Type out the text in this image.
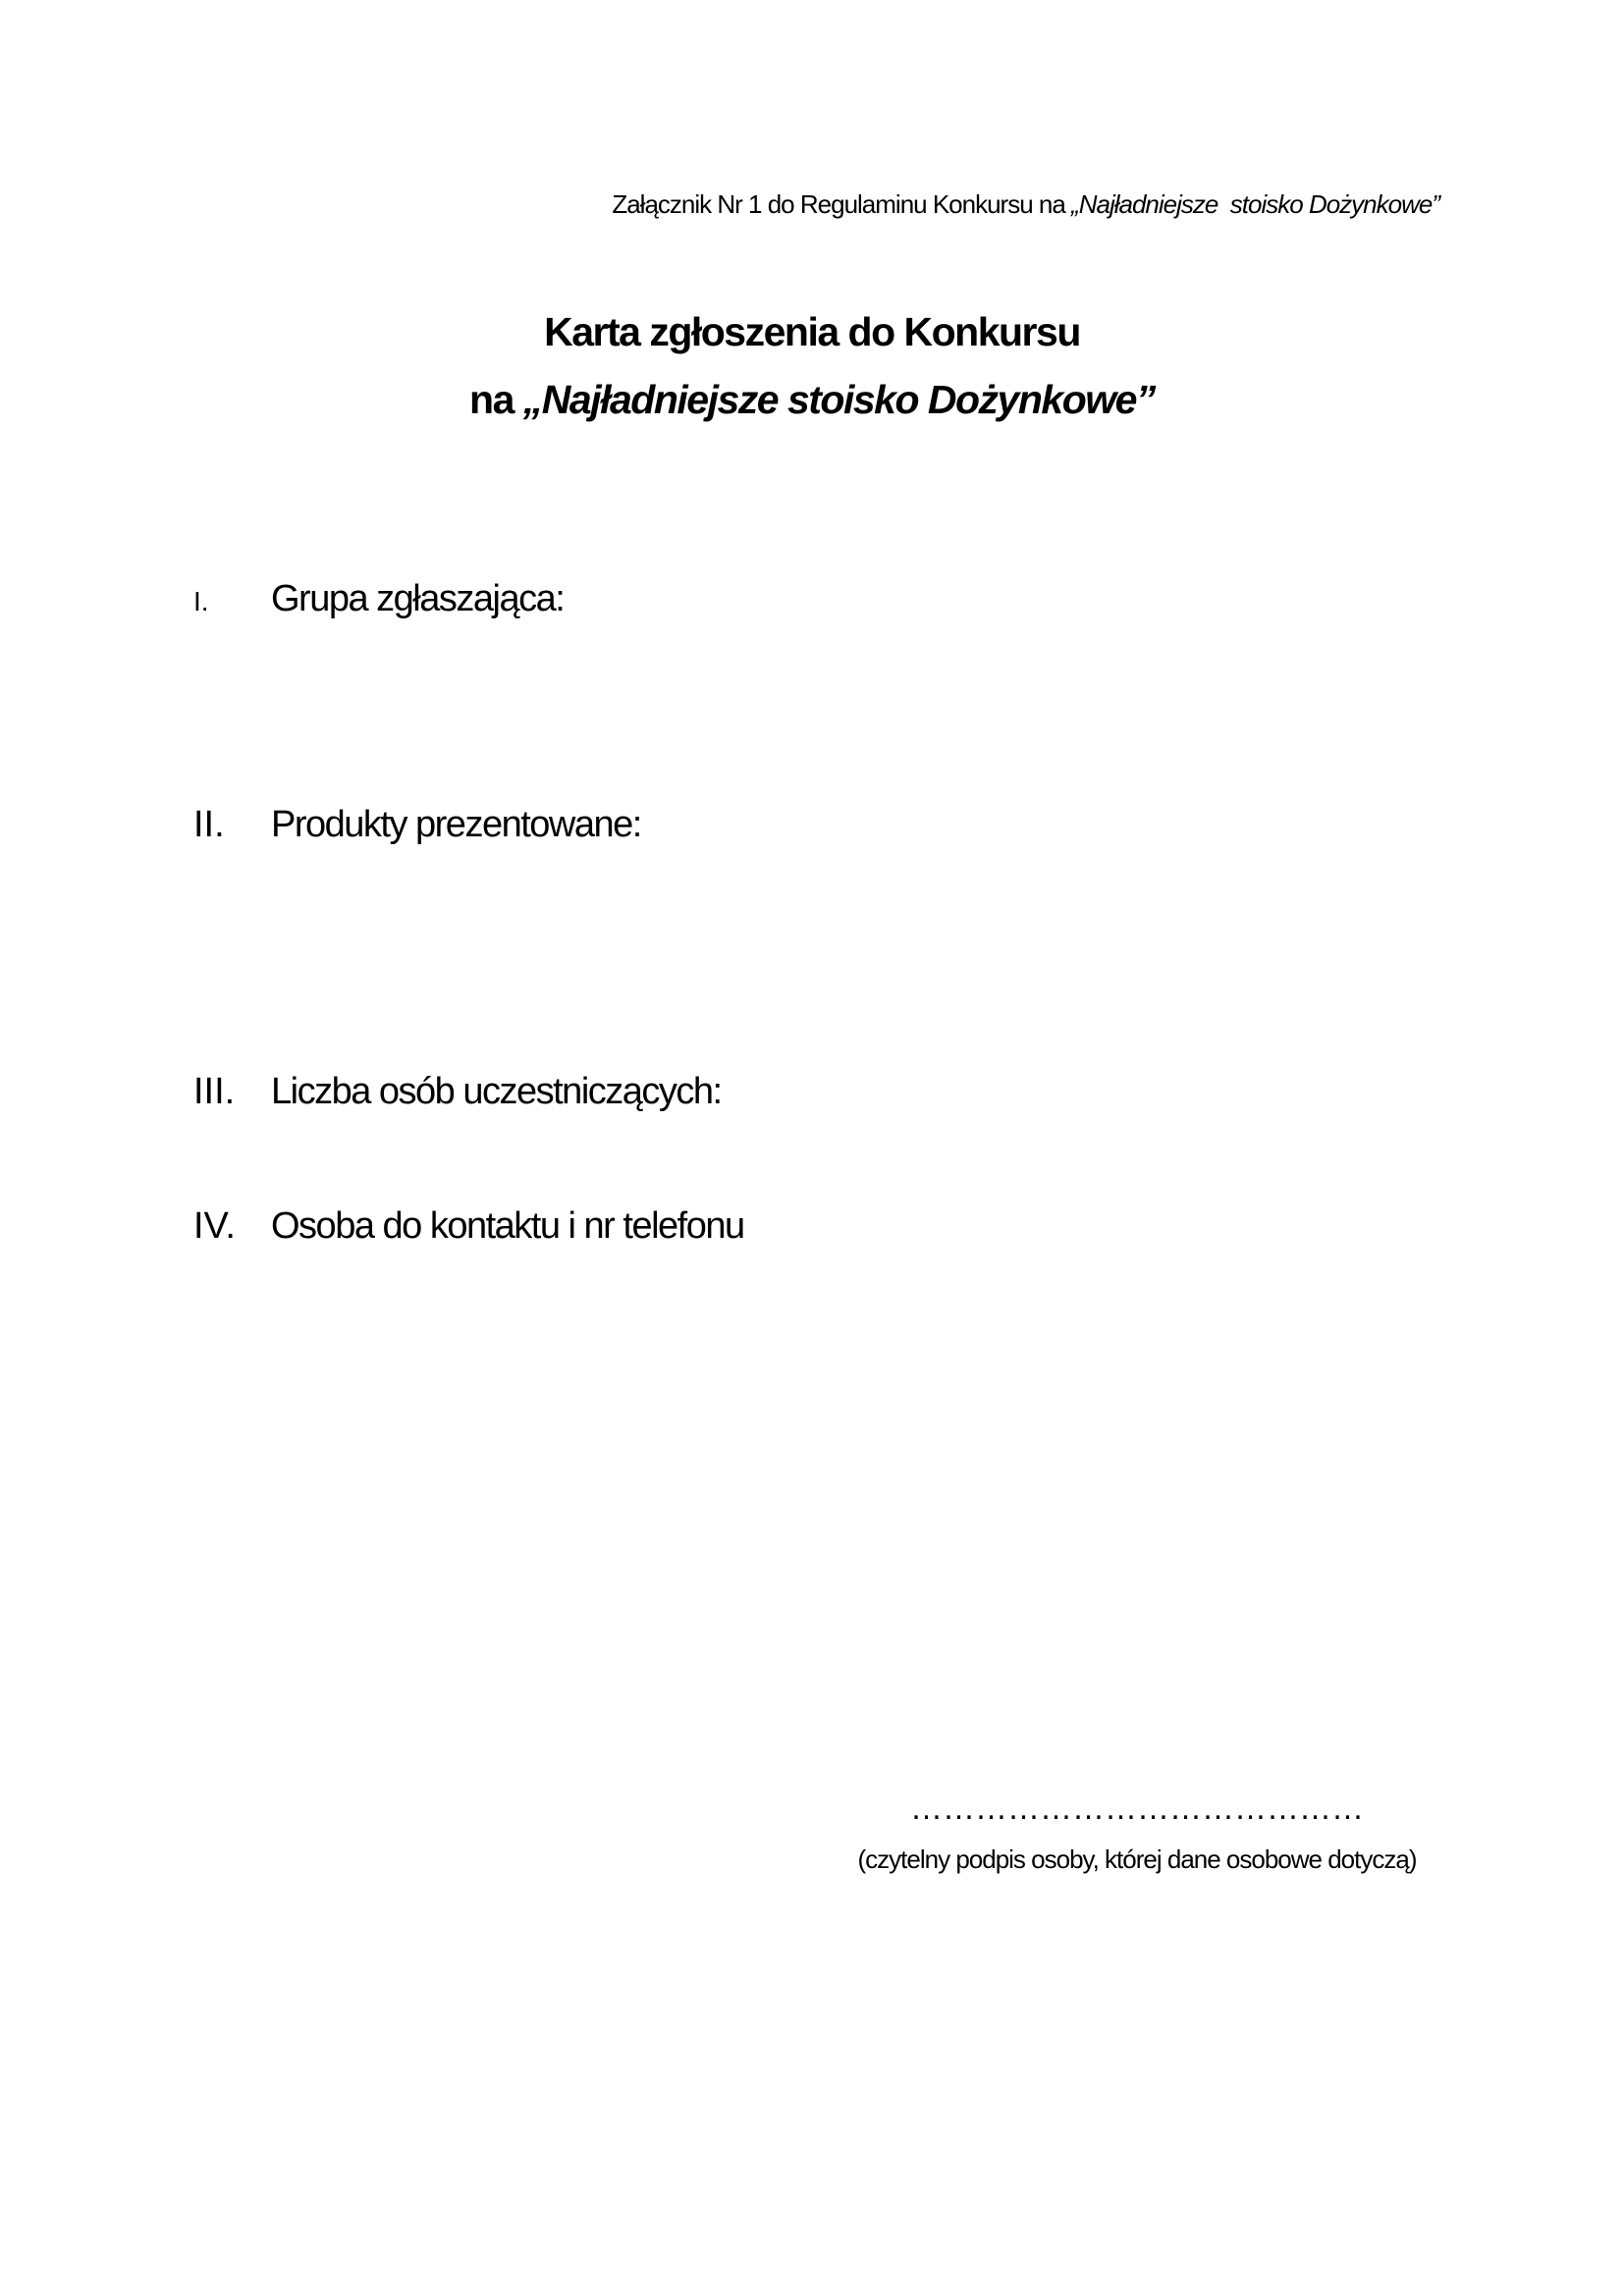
Załącznik Nr 1 do Regulaminu Konkursu na „Najładniejsze  stoisko Dożynkowe”
Karta zgłoszenia do Konkursu
na „Najładniejsze stoisko Dożynkowe”
I. Grupa zgłaszająca:
II. Produkty prezentowane:
III. Liczba osób uczestniczących:
IV. Osoba do kontaktu i nr telefonu
……………………………………
(czytelny podpis osoby, której dane osobowe dotyczą)
